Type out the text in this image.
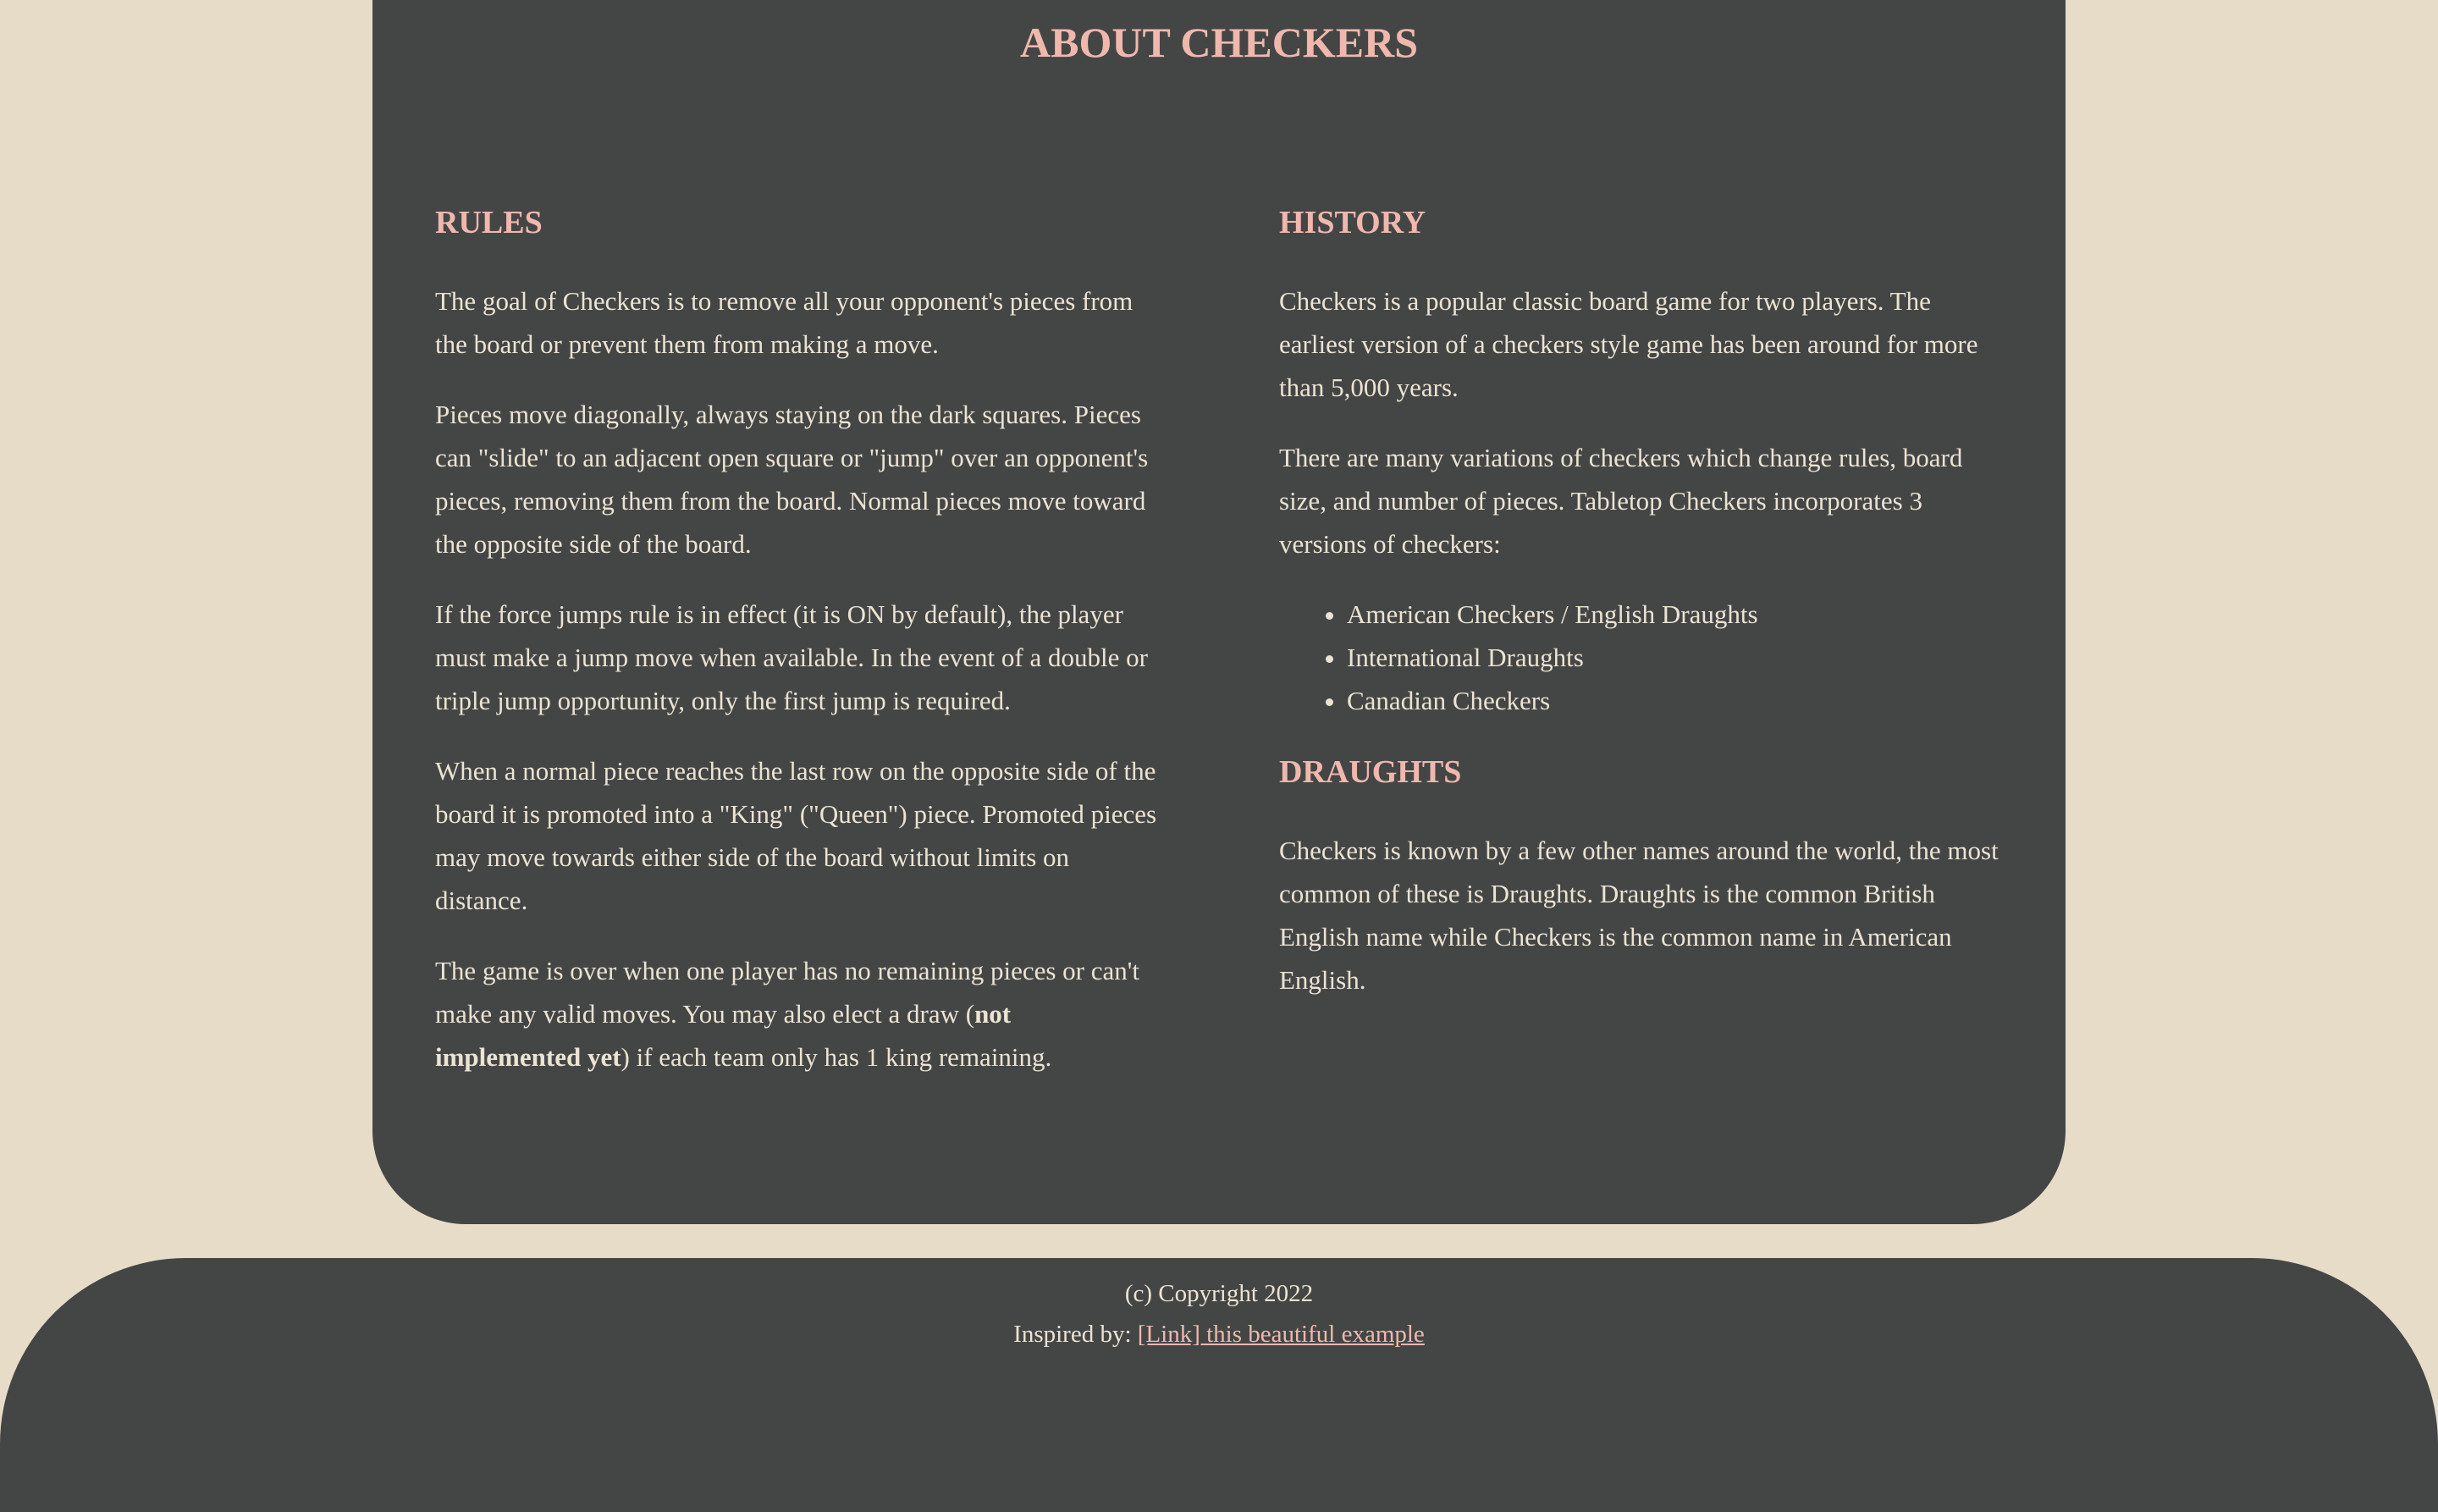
ABOUT CHECKERS
RULES

The goal of Checkers is to remove all your opponent's pieces from the board or prevent them from making a move.

Pieces move diagonally, always staying on the dark squares. Pieces can "slide" to an adjacent open square or "jump" over an opponent's pieces, removing them from the board. Normal pieces move toward the opposite side of the board.

If the force jumps rule is in effect (it is ON by default), the player must make a jump move when available. In the event of a double or triple jump opportunity, only the first jump is required.

When a normal piece reaches the last row on the opposite side of the board it is promoted into a "King" ("Queen") piece. Promoted pieces may move towards either side of the board without limits on distance.

The game is over when one player has no remaining pieces or can't make any valid moves. You may also elect a draw (not implemented yet) if each team only has 1 king remaining.

HISTORY

Checkers is a popular classic board game for two players. The earliest version of a checkers style game has been around for more than 5,000 years.

There are many variations of checkers which change rules, board size, and number of pieces. Tabletop Checkers incorporates 3 versions of checkers:

• American Checkers / English Draughts
• International Draughts
• Canadian Checkers
DRAUGHTS

Checkers is known by a few other names around the world, the most common of these is Draughts. Draughts is the common British English name while Checkers is the common name in American English.

(c) Copyright 2022
Inspired by: [Link] this beautiful example
